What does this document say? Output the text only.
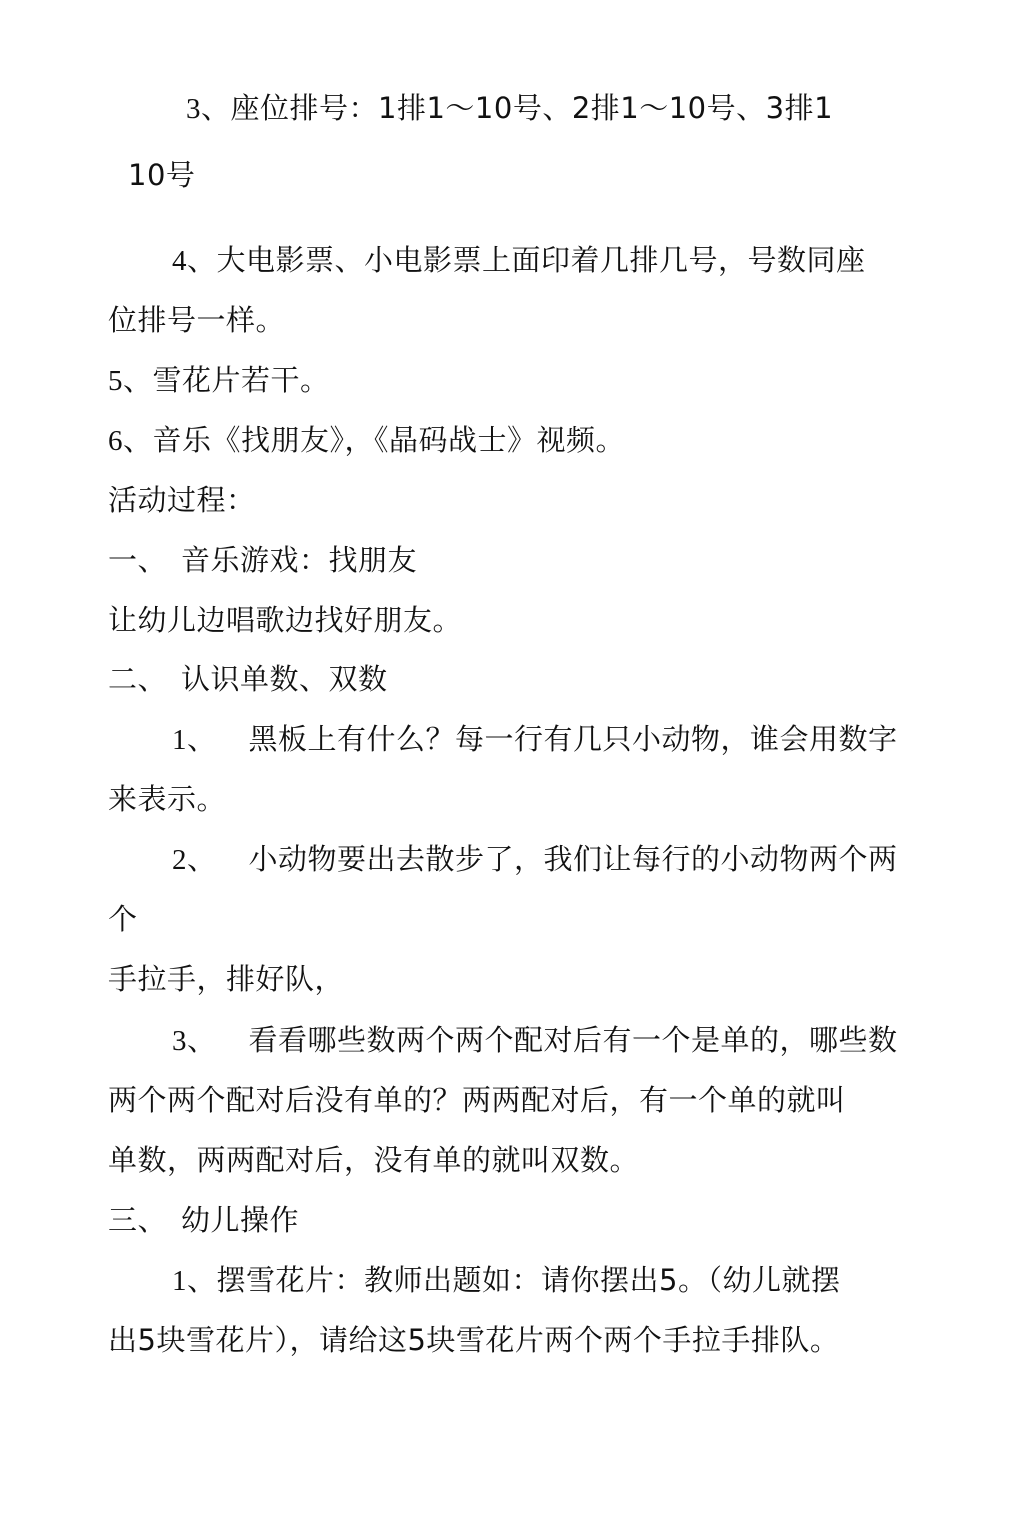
3、座位排号：1排1～10号、2排1～10号、3排1
10号
4、大电影票、小电影票上面印着几排几号，号数同座
位排号一样。
5、雪花片若干。
6、音乐《找朋友》，《晶码战士》视频。
活动过程：
一、 音乐游戏：找朋友
让幼儿边唱歌边找好朋友。
二、 认识单数、双数
1、 黑板上有什么？每一行有几只小动物，谁会用数字
来表示。
2、 小动物要出去散步了，我们让每行的小动物两个两
个
手拉手，排好队，
3、 看看哪些数两个两个配对后有一个是单的，哪些数
两个两个配对后没有单的？两两配对后，有一个单的就叫
单数，两两配对后，没有单的就叫双数。
三、 幼儿操作
1、摆雪花片：教师出题如：请你摆出5。（幼儿就摆
出5块雪花片），请给这5块雪花片两个两个手拉手排队。
